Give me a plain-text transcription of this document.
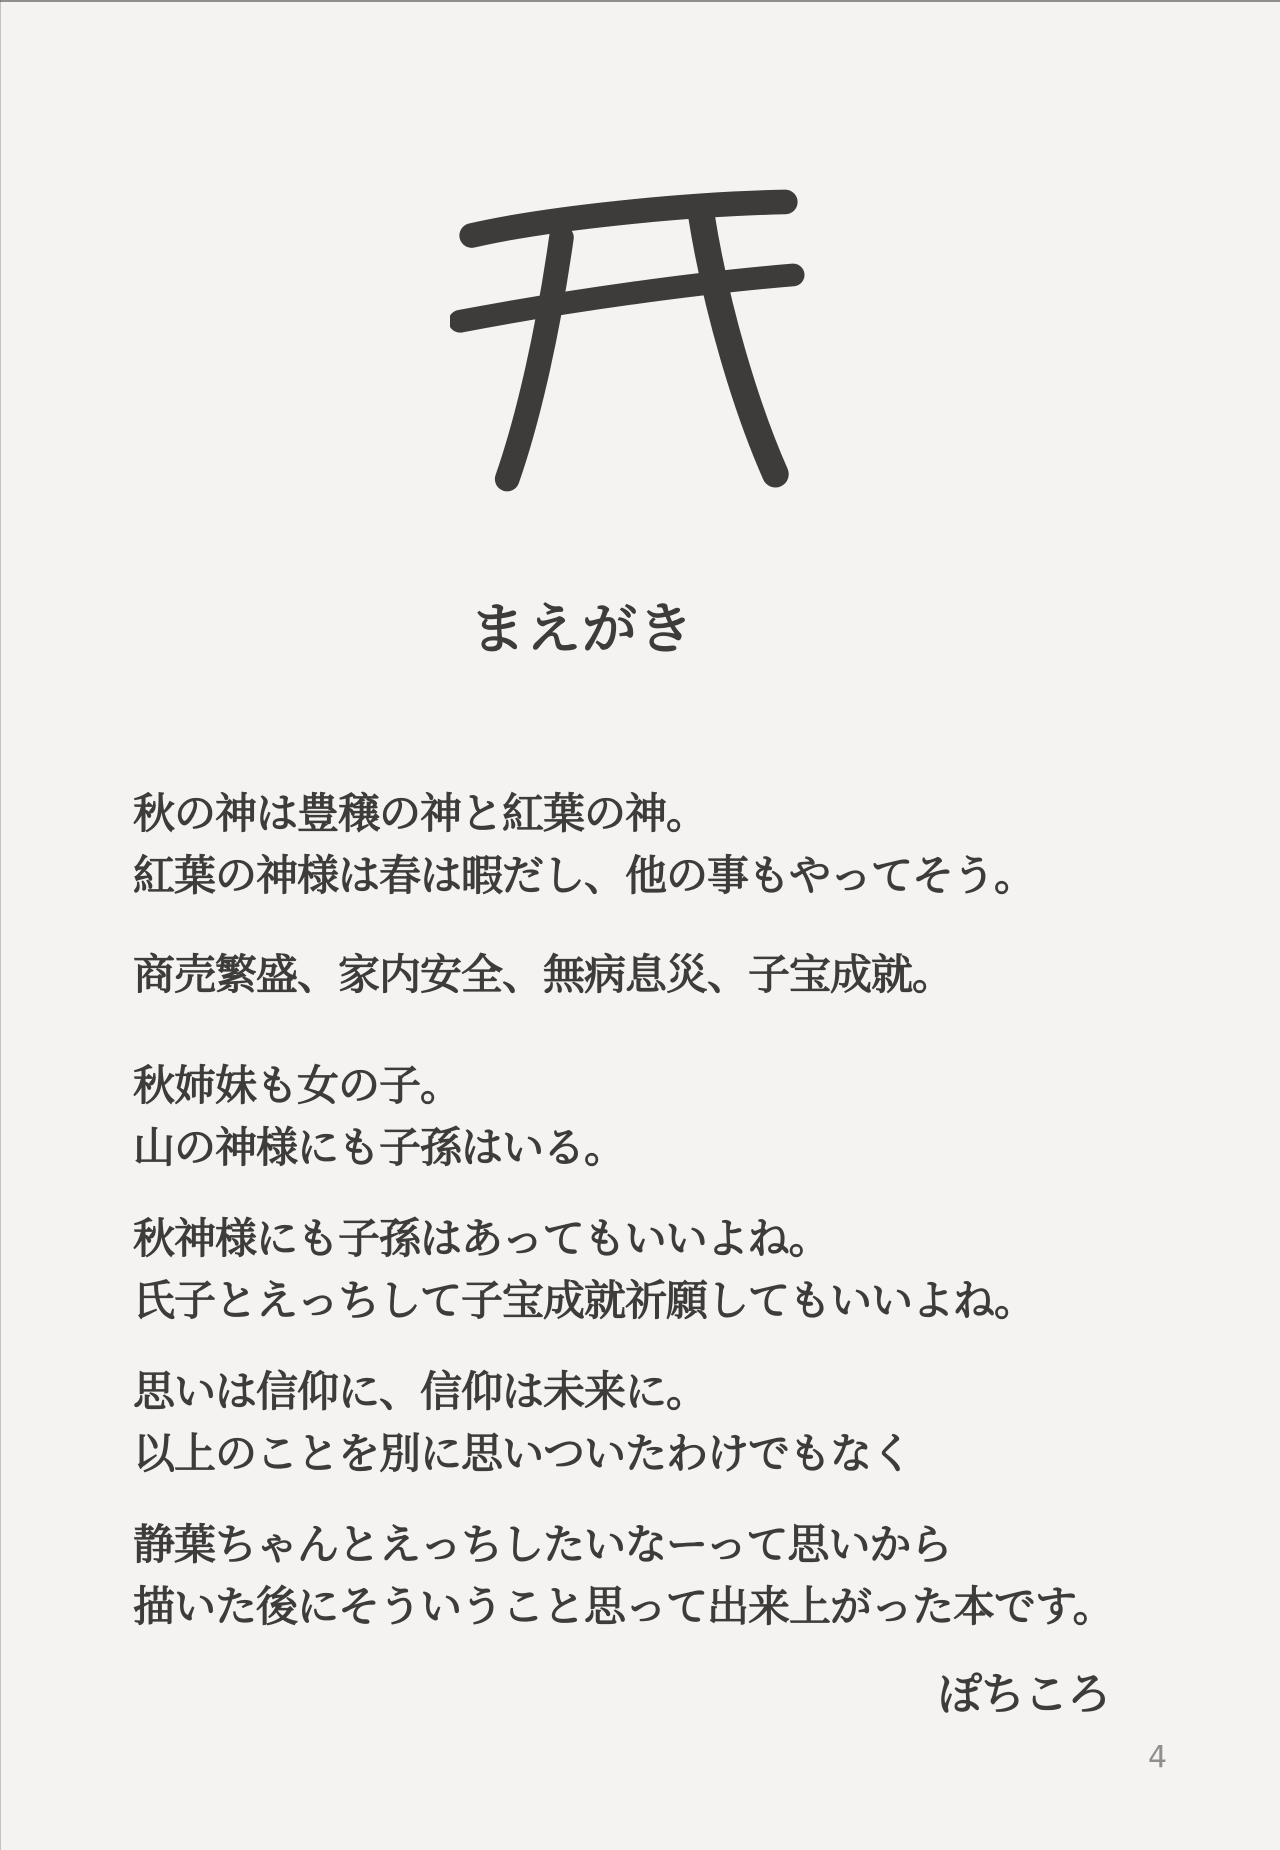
まえがき
秋の神は豊穣の神と紅葉の神。
紅葉の神様は春は暇だし、他の事もやってそう。
商売繁盛、家内安全、無病息災、子宝成就。
秋姉妹も女の子。
山の神様にも子孫はいる。
秋神様にも子孫はあってもいいよね。
氏子とえっちして子宝成就祈願してもいいよね。
思いは信仰に、信仰は未来に。
以上のことを別に思いついたわけでもなく
静葉ちゃんとえっちしたいなーって思いから
描いた後にそういうこと思って出来上がった本です。
ぽちころ
4
